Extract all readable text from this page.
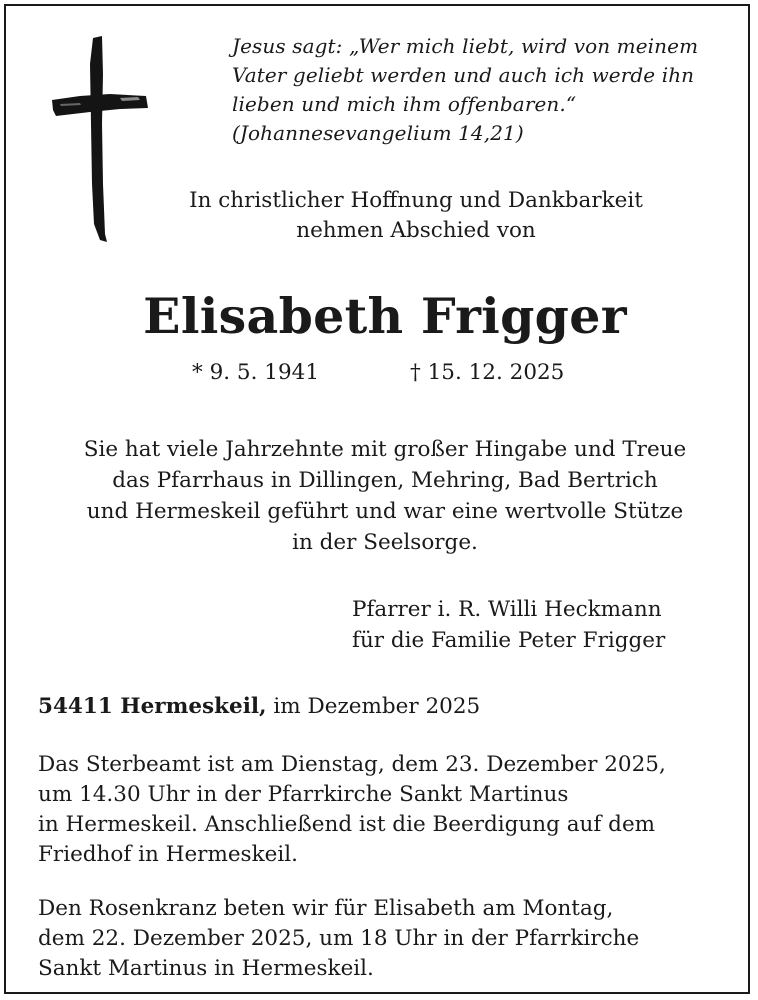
Jesus sagt: „Wer mich liebt, wird von meinem
Vater geliebt werden und auch ich werde ihn
lieben und mich ihm offenbaren.“
(Johannesevangelium 14,21)
In christlicher Hoffnung und Dankbarkeit
nehmen Abschied von
Elisabeth Frigger
* 9. 5. 1941	† 15. 12. 2025
Sie hat viele Jahrzehnte mit großer Hingabe und Treue
das Pfarrhaus in Dillingen, Mehring, Bad Bertrich
und Hermeskeil geführt und war eine wertvolle Stütze
in der Seelsorge.
Pfarrer i. R. Willi Heckmann
für die Familie Peter Frigger
54411 Hermeskeil, im Dezember 2025
Das Sterbeamt ist am Dienstag, dem 23. Dezember 2025,
um 14.30 Uhr in der Pfarrkirche Sankt Martinus
in Hermeskeil. Anschließend ist die Beerdigung auf dem
Friedhof in Hermeskeil.
Den Rosenkranz beten wir für Elisabeth am Montag,
dem 22. Dezember 2025, um 18 Uhr in der Pfarrkirche
Sankt Martinus in Hermeskeil.
